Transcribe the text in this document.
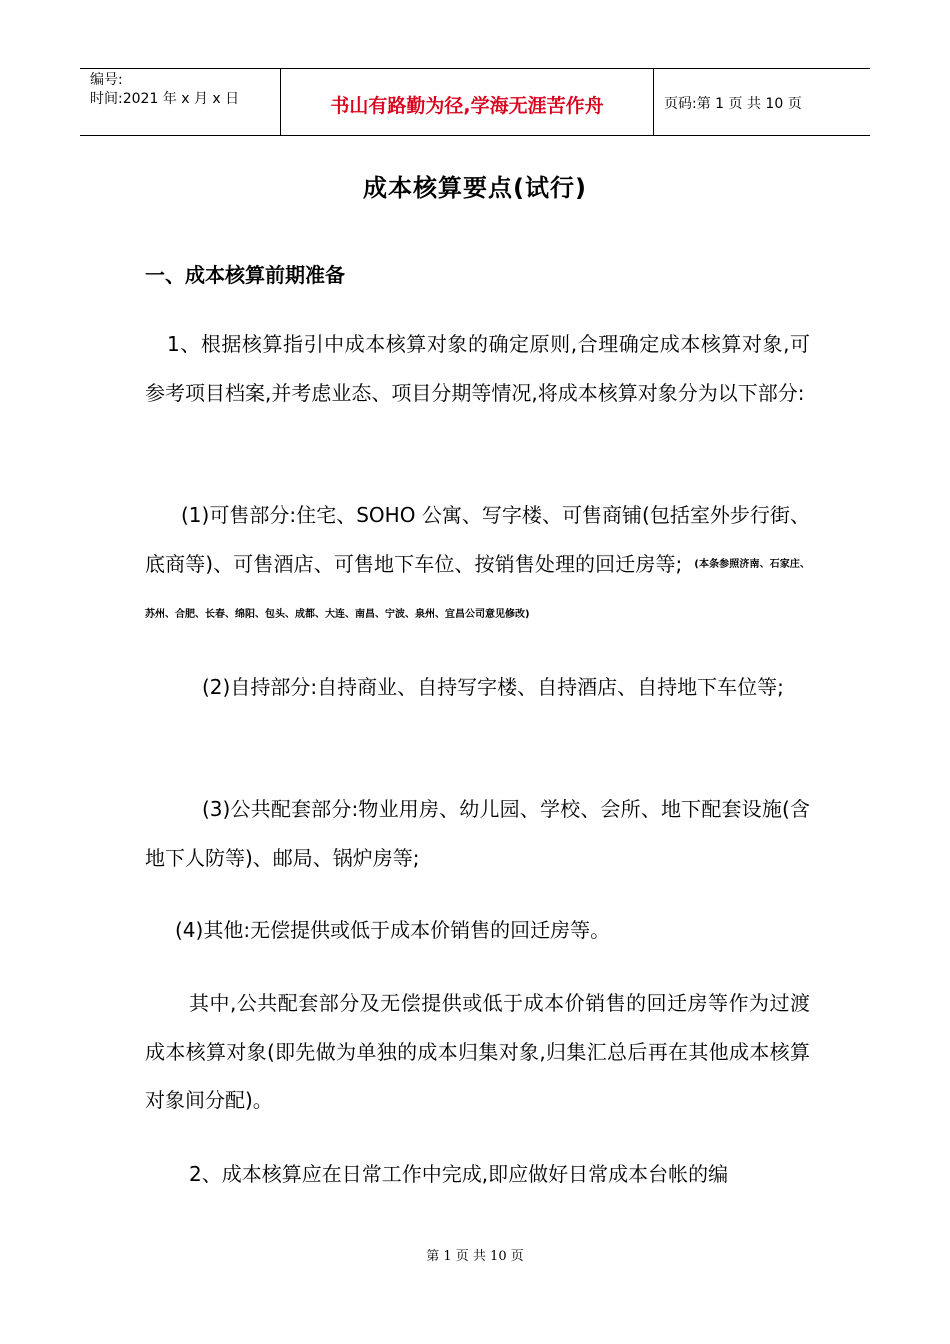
编号:
时间:2021 年 x 月 x 日	书山有路勤为径,学海无涯苦作舟	页码:第 1 页 共 10 页
成本核算要点(试行)
一、成本核算前期准备

1、根据核算指引中成本核算对象的确定原则,合理确定成本核算对象,可参考项目档案,并考虑业态、项目分期等情况,将成本核算对象分为以下部分:

(1)可售部分:住宅、SOHO 公寓、写字楼、可售商铺(包括室外步行街、底商等)、可售酒店、可售地下车位、按销售处理的回迁房等; (本条参照济南、石家庄、苏州、合肥、长春、绵阳、包头、成都、大连、南昌、宁波、泉州、宜昌公司意见修改)

(2)自持部分:自持商业、自持写字楼、自持酒店、自持地下车位等;

(3)公共配套部分:物业用房、幼儿园、学校、会所、地下配套设施(含地下人防等)、邮局、锅炉房等;

(4)其他:无偿提供或低于成本价销售的回迁房等。

其中,公共配套部分及无偿提供或低于成本价销售的回迁房等作为过渡成本核算对象(即先做为单独的成本归集对象,归集汇总后再在其他成本核算对象间分配)。

2、成本核算应在日常工作中完成,即应做好日常成本台帐的编

第 1 页 共 10 页
